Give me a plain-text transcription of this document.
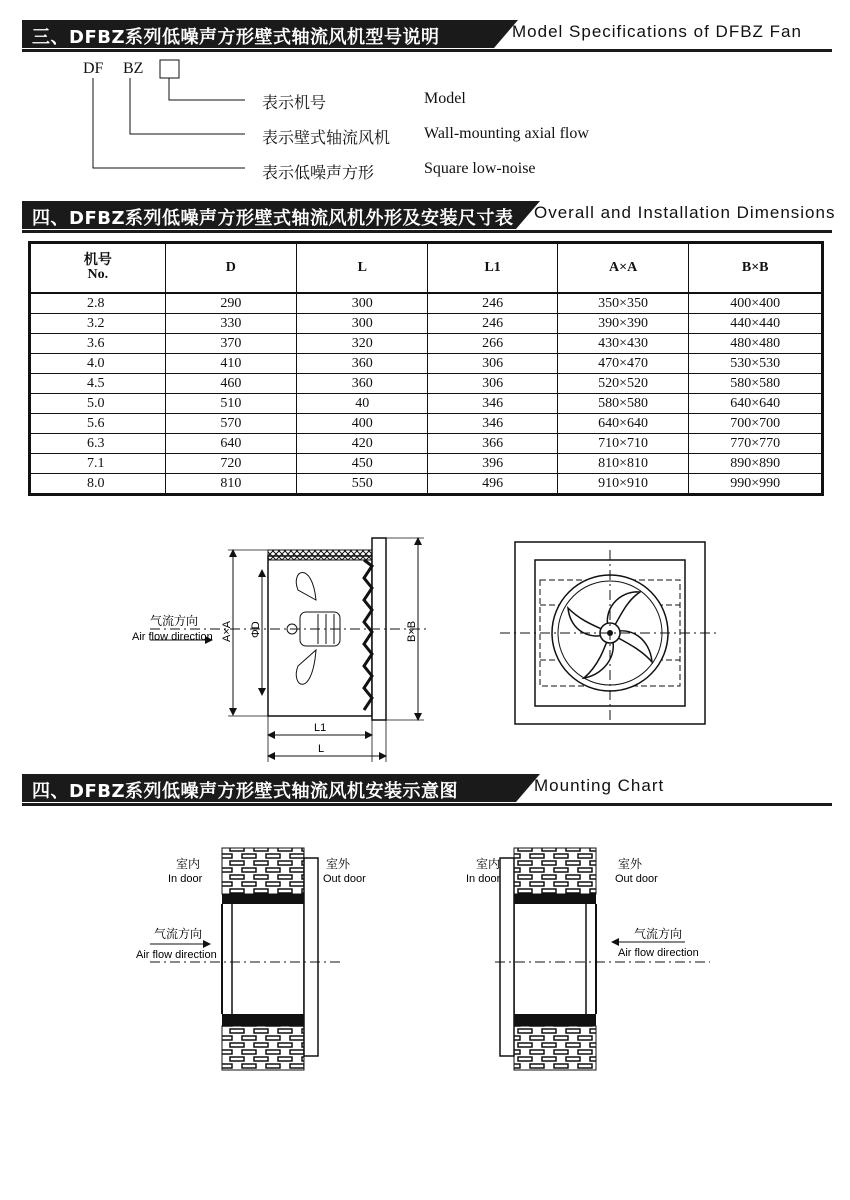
三、DFBZ系列低噪声方形壁式轴流风机型号说明	Model Specifications of DFBZ Fan
DF BZ
表示机号	Model
表示壁式轴流风机 Wall-mounting axial flow
表示低噪声方形	Square low-noise
四、DFBZ系列低噪声方形壁式轴流风机外形及安装尺寸表 Overall and Installation Dimensions
机号
No.	D	L	L1	A×A	B×B
2.8	290	300	246	350×350	400×400
3.2	330	300	246	390×390	440×440
3.6	370	320	266	430×430	480×480
4.0	410	360	306	470×470	530×530
4.5	460	360	306	520×520	580×580
5.0	510	40	346	580×580	640×640
5.6	570	400	346	640×640	700×700
6.3	640	420	366	710×710	770×770
7.1	720	450	396	810×810	890×890
8.0	810	550	496	910×910	990×990
气流方向
Air flow direction A×A ΦD	B×B
L1
L
四、DFBZ系列低噪声方形壁式轴流风机安装示意图	Mounting Chart
室内
In door
室外
Out door
气流方向
Air flow direction
室内
In door
室外
Out door
气流方向
Air flow direction
